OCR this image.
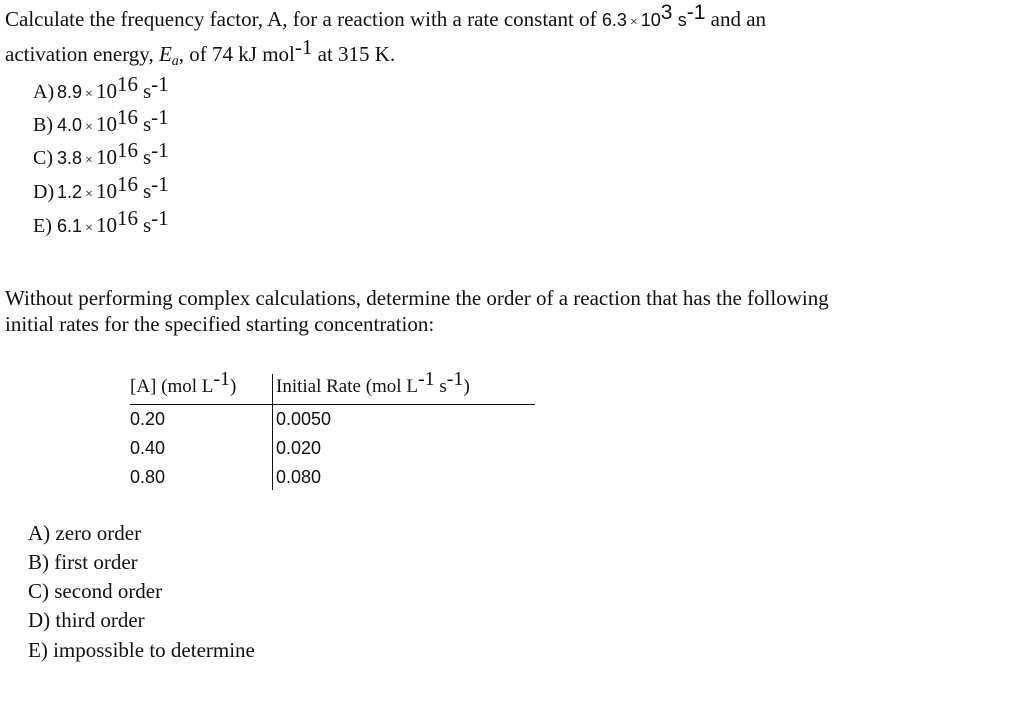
Calculate the frequency factor, A, for a reaction with a rate constant of 6.3 × 103 s-1 and an
activation energy, $E_a$, of 74 kJ mol-1 at 315 K.
A) 8.9 × 1016 s-1
B) 4.0 × 1016 s-1
C) 3.8 × 1016 s-1
D) 1.2 × 1016 s-1
E) 6.1 × 1016 s-1
Without performing complex calculations, determine the order of a reaction that has the following
initial rates for the specified starting concentration:
[A] (mol $L^{-1}$)	Initial Rate (mol $L^{-1}$ $s^{-1}$)
0.20	0.0050
0.40	0.020
0.80	0.080
A) zero order
B) first order
C) second order
D) third order
E) impossible to determine
